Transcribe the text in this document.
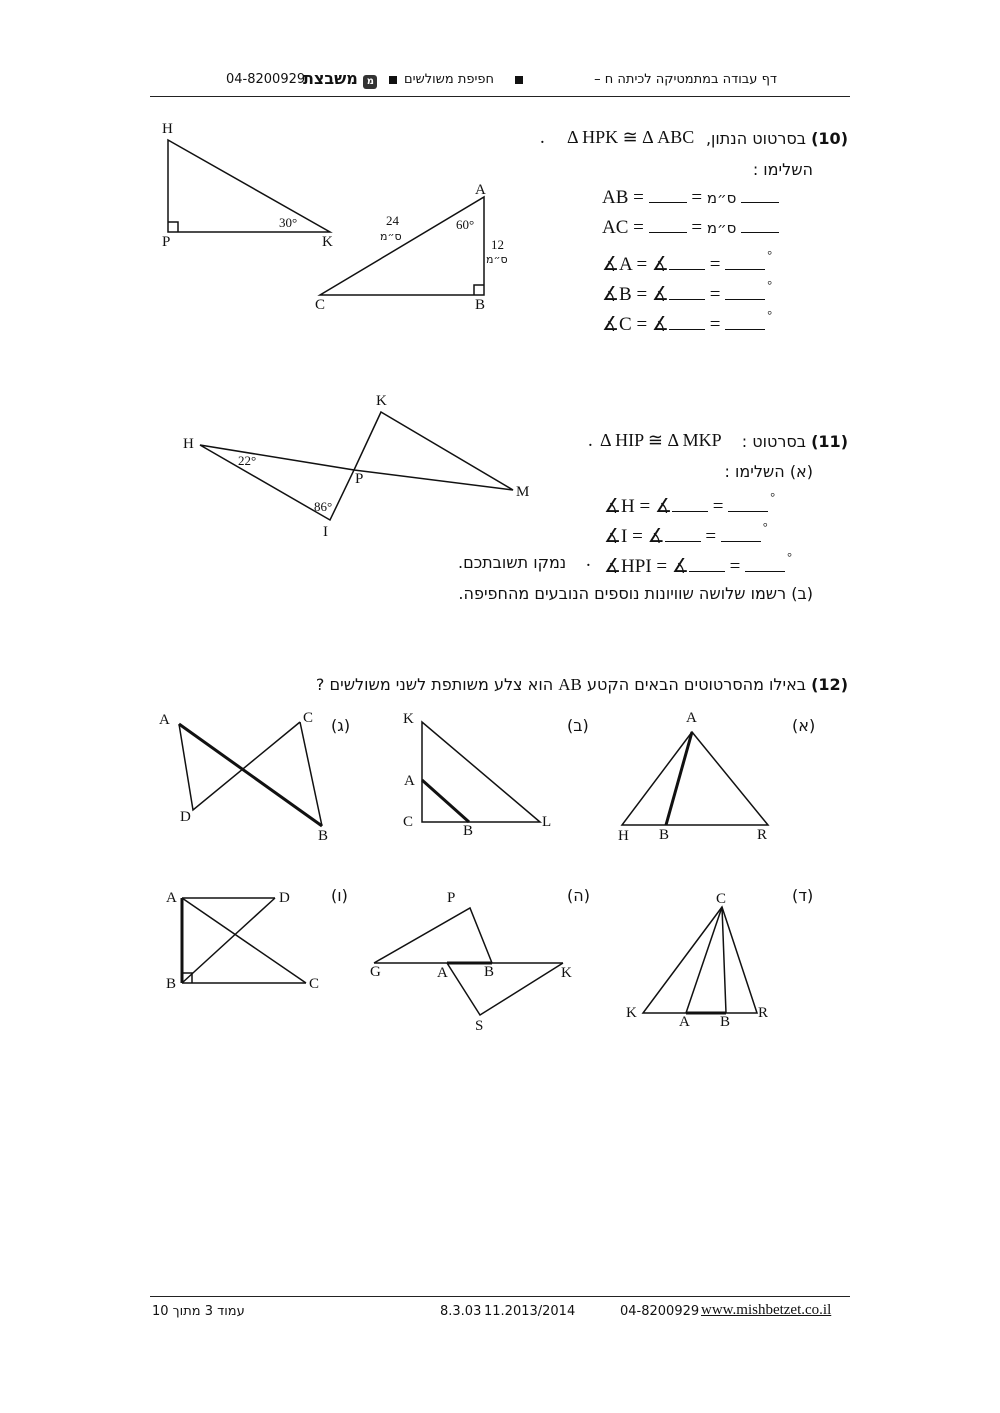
דף עבודה במתמטיקה לכיתה ח –
חפיפת משולשים
מ משבצת
04-8200929
H
P	K
30°
A
B
C
60°
24
ס״מ
12
ס״מ
(10) בסרטוט הנתון,
Δ HPK ≅ Δ ABC
.
השלימו :
AB =	= ס״מ
AC =	= ס״מ
∡A = ∡ =	°
∡B = ∡ =	°
∡C = ∡ =	°
H
K
P
M
I
22°
86°
(11) בסרטוט :
Δ HIP ≅ Δ MKP
.
(א) השלימו :
∡H = ∡ =	°
∡I = ∡ =	°
∡HPI = ∡ =	°
.
נמקו תשובתכם.
(ב) רשמו שלושה שוויונות נוספים הנובעים מהחפיפה.
(12) באילו מהסרטוטים הבאים הקטע AB הוא צלע משותפת לשני משולשים ?
(א)
(ב)
(ג)
(ד)
(ה)
(ו)
A
H B	R
K
A
C
B
L
A	C
D
B
C
K
A B
R
P
G	A B	K
S
A	D
B	C
עמוד 3 מתוך 10	8.3.03 11.2013/2014	04-8200929 www.mishbetzet.co.il
